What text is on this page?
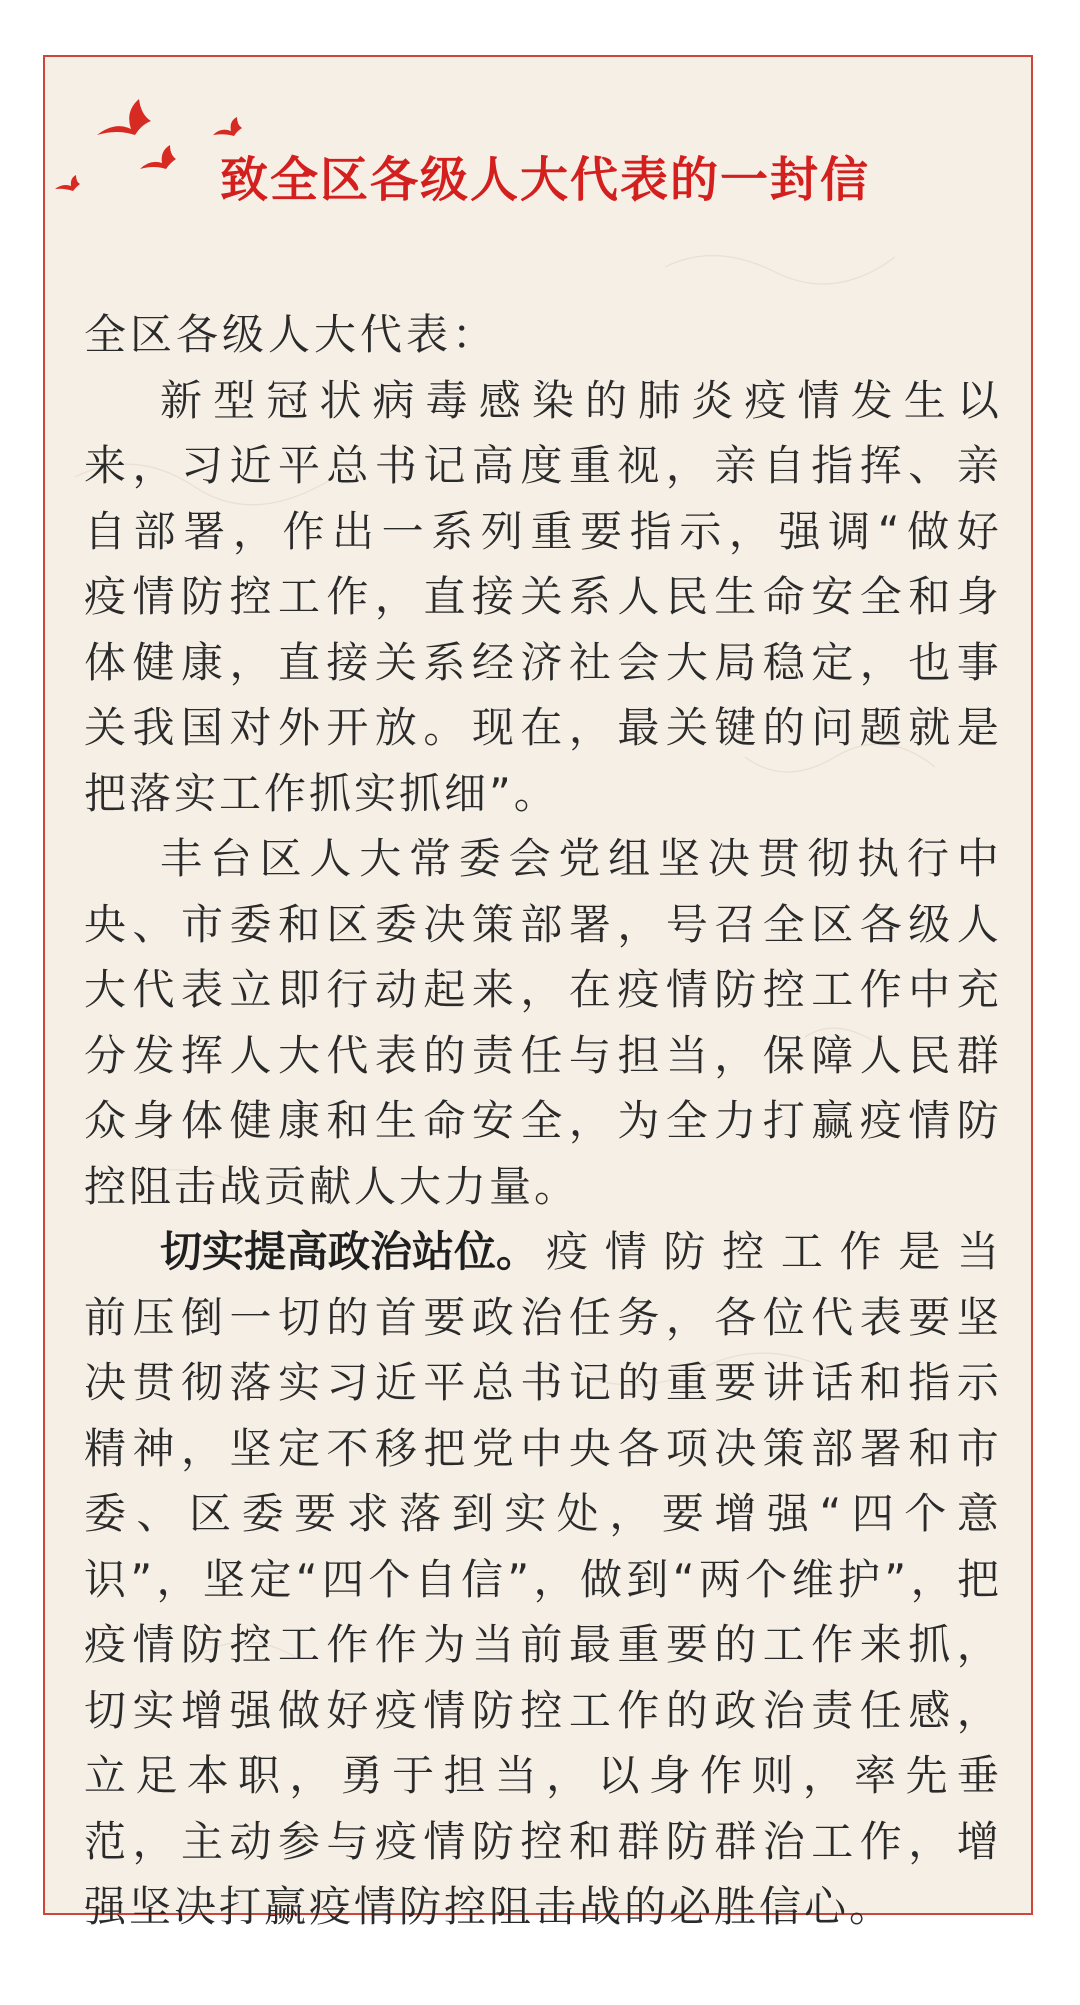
致全区各级人大代表的一封信
全区各级人大代表：
新 型 冠 状 病 毒 感 染 的 肺 炎 疫 情 发 生 以
来 ， 习 近 平 总 书 记 高 度 重 视 ， 亲 自 指 挥 、 亲
自 部 署 ， 作 出 一 系 列 重 要 指 示 ， 强 调 “ 做 好
疫 情 防 控 工 作 ， 直 接 关 系 人 民 生 命 安 全 和 身
体 健 康 ， 直 接 关 系 经 济 社 会 大 局 稳 定 ， 也 事
关 我 国 对 外 开 放 。 现 在 ， 最 关 键 的 问 题 就 是
把落实工作抓实抓细”。
丰 台 区 人 大 常 委 会 党 组 坚 决 贯 彻 执 行 中
央 、 市 委 和 区 委 决 策 部 署 ， 号 召 全 区 各 级 人
大 代 表 立 即 行 动 起 来 ， 在 疫 情 防 控 工 作 中 充
分 发 挥 人 大 代 表 的 责 任 与 担 当 ， 保 障 人 民 群
众 身 体 健 康 和 生 命 安 全 ， 为 全 力 打 赢 疫 情 防
控阻击战贡献人大力量。
切实提高政治站位。 疫 情 防 控 工 作 是 当
前 压 倒 一 切 的 首 要 政 治 任 务 ， 各 位 代 表 要 坚
决 贯 彻 落 实 习 近 平 总 书 记 的 重 要 讲 话 和 指 示
精 神 ， 坚 定 不 移 把 党 中 央 各 项 决 策 部 署 和 市
委 、 区 委 要 求 落 到 实 处 ， 要 增 强 “ 四 个 意
识 ” ， 坚 定 “ 四 个 自 信 ” ， 做 到 “ 两 个 维 护 ” ， 把
疫 情 防 控 工 作 作 为 当 前 最 重 要 的 工 作 来 抓 ，
切 实 增 强 做 好 疫 情 防 控 工 作 的 政 治 责 任 感 ，
立 足 本 职 ， 勇 于 担 当 ， 以 身 作 则 ， 率 先 垂
范 ， 主 动 参 与 疫 情 防 控 和 群 防 群 治 工 作 ， 增
强坚决打赢疫情防控阻击战的必胜信心。
